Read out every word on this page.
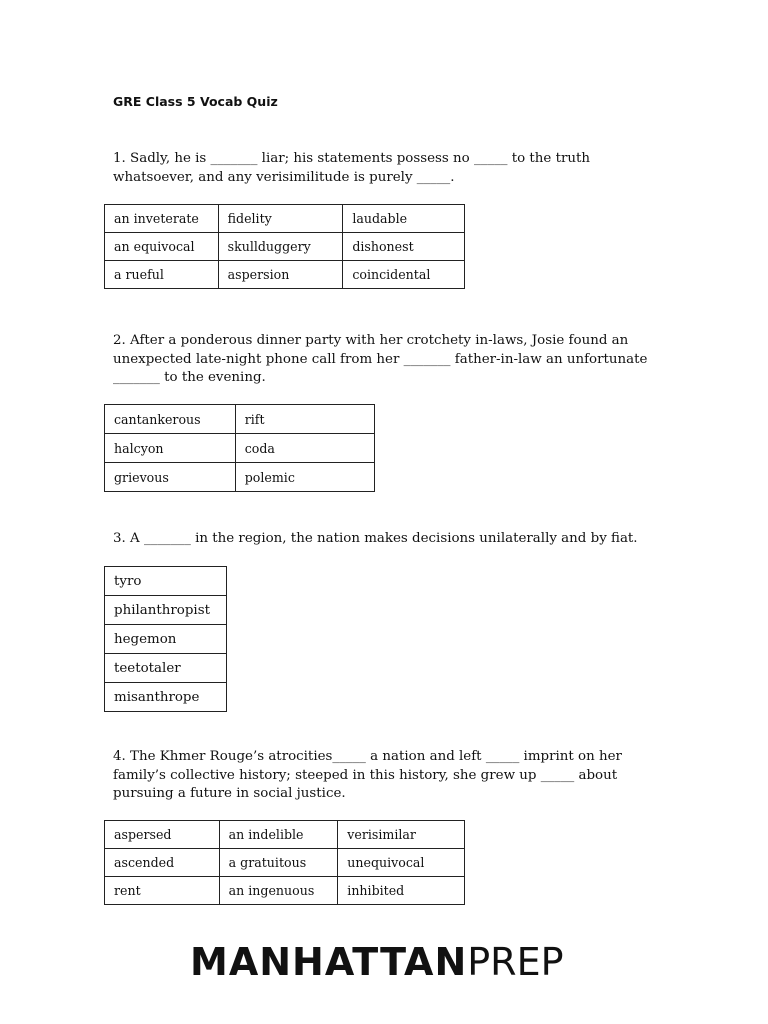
GRE Class 5 Vocab Quiz
1. Sadly, he is _______ liar; his statements possess no _____ to the truth whatsoever, and any verisimilitude is purely _____.
an inveterate	fidelity	laudable
an equivocal	skullduggery	dishonest
a rueful	aspersion	coincidental
2. After a ponderous dinner party with her crotchety in-laws, Josie found an unexpected late-night phone call from her _______ father-in-law an unfortunate _______ to the evening.
cantankerous	rift
halcyon	coda
grievous	polemic
3. A _______ in the region, the nation makes decisions unilaterally and by fiat.
tyro
philanthropist
hegemon
teetotaler
misanthrope
4. The Khmer Rouge’s atrocities_____ a nation and left _____ imprint on her family’s collective history; steeped in this history, she grew up _____ about pursuing a future in social justice.
aspersed	an indelible	verisimilar
ascended	a gratuitous	unequivocal
rent	an ingenuous	inhibited
MANHATTANPREP
